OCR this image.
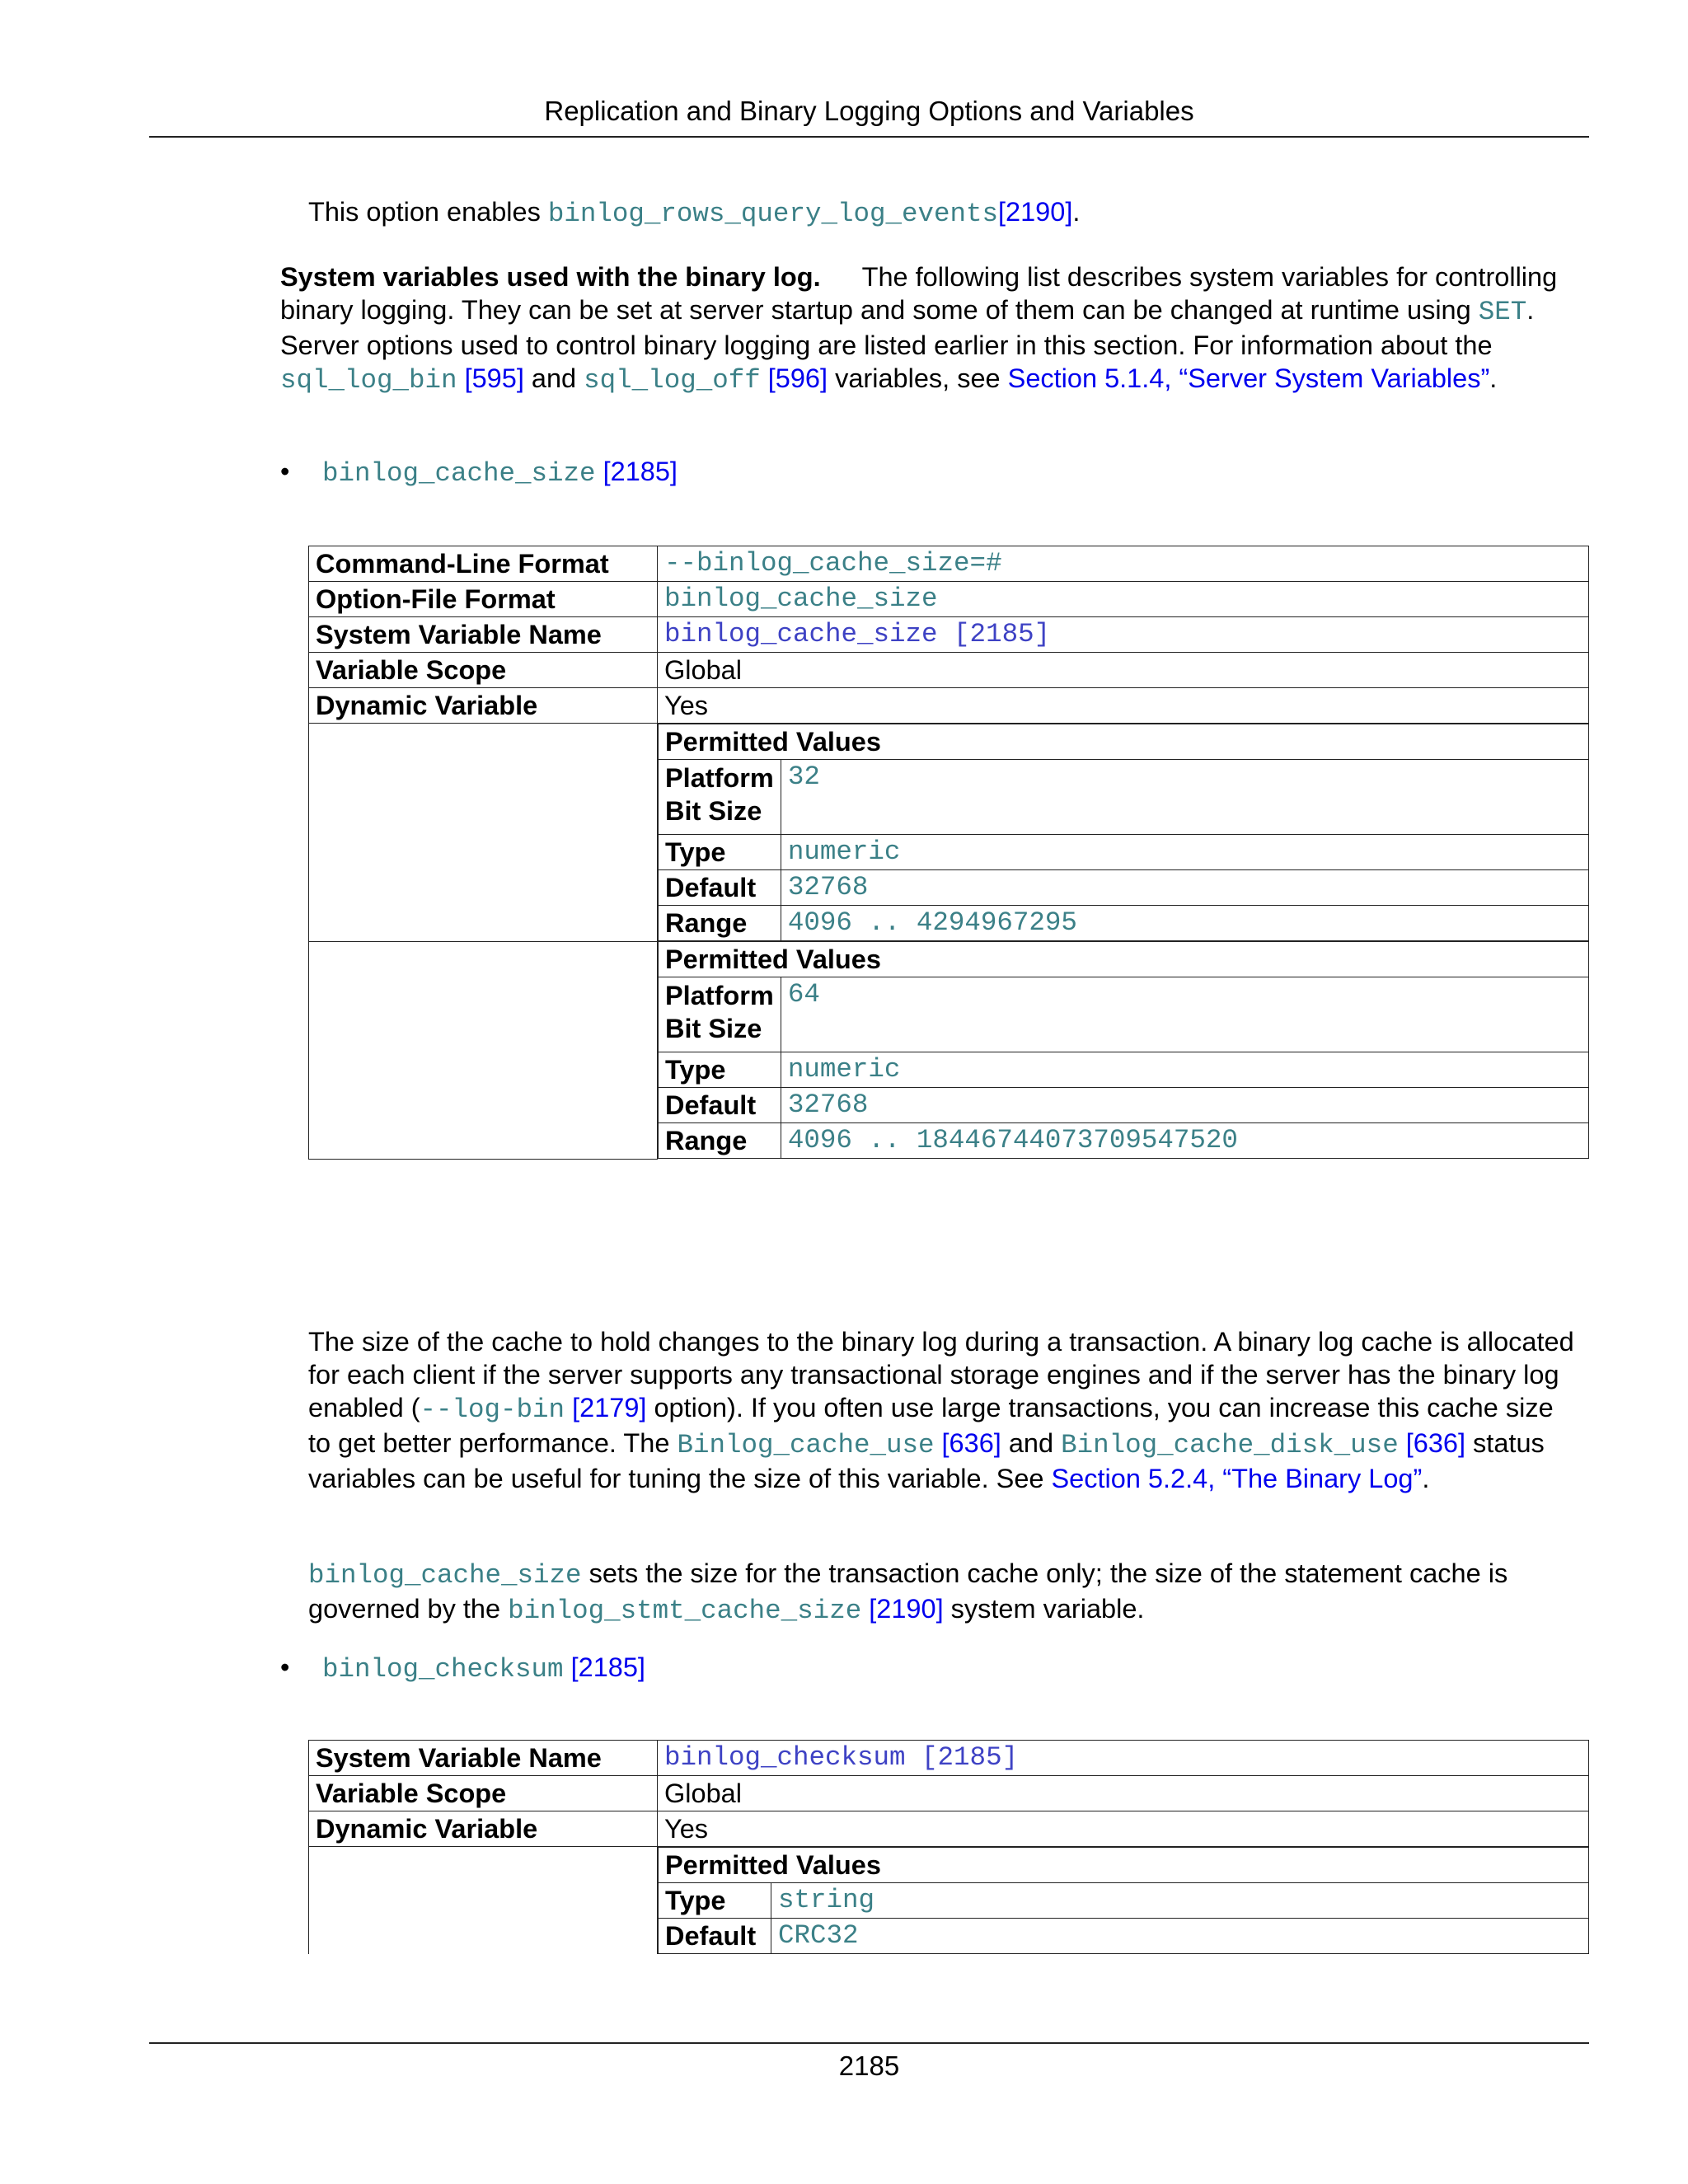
Replication and Binary Logging Options and Variables
This option enables binlog_rows_query_log_events[2190].
System variables used with the binary log. The following list describes system variables for controlling binary logging. They can be set at server startup and some of them can be changed at runtime using SET. Server options used to control binary logging are listed earlier in this section. For information about the sql_log_bin [595] and sql_log_off [596] variables, see Section 5.1.4, “Server System Variables”.
• binlog_cache_size [2185]
Command-Line Format	--binlog_cache_size=#
Option-File Format	binlog_cache_size
System Variable Name	binlog_cache_size [2185]
Variable Scope	Global
Dynamic Variable	Yes

Permitted Values
Platform Bit Size	32
Type	numeric
Default	32768
Range	4096 .. 4294967295

Permitted Values
Platform Bit Size	64
Type	numeric
Default	32768
Range	4096 .. 18446744073709547520
The size of the cache to hold changes to the binary log during a transaction. A binary log cache is allocated for each client if the server supports any transactional storage engines and if the server has the binary log enabled (--log-bin [2179] option). If you often use large transactions, you can increase this cache size to get better performance. The Binlog_cache_use [636] and Binlog_cache_disk_use [636] status variables can be useful for tuning the size of this variable. See Section 5.2.4, “The Binary Log”.
binlog_cache_size sets the size for the transaction cache only; the size of the statement cache is governed by the binlog_stmt_cache_size [2190] system variable.
• binlog_checksum [2185]
System Variable Name	binlog_checksum [2185]
Variable Scope	Global
Dynamic Variable	Yes

Permitted Values
Type	string
Default	CRC32
2185
